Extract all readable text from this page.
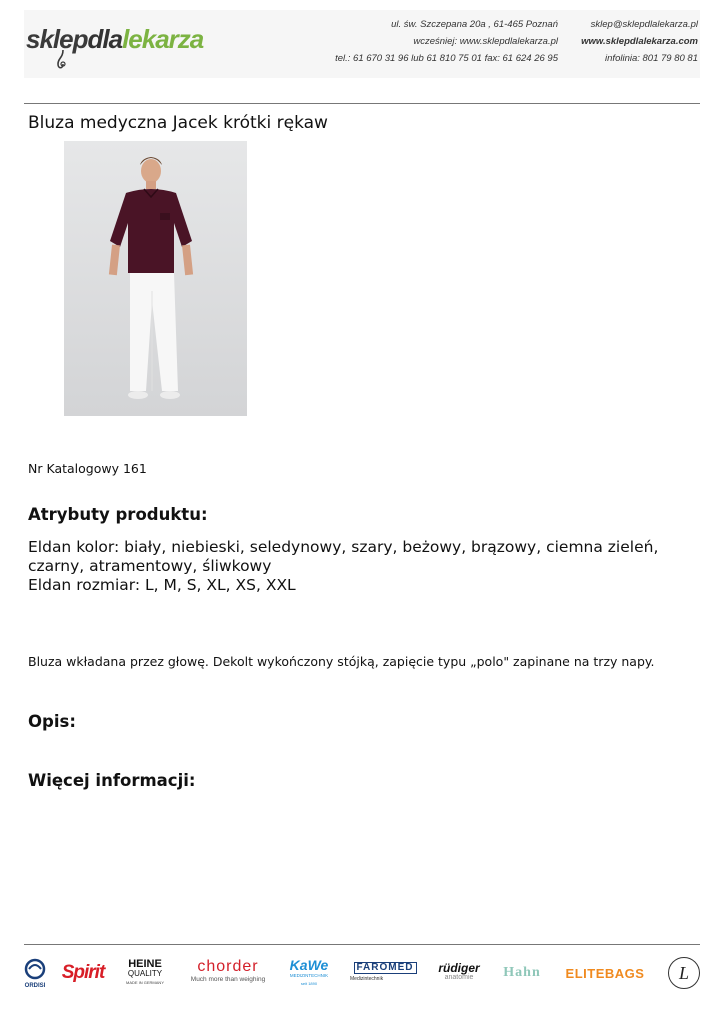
sklepdlalekarza	ul. św. Szczepana 20a , 61-465 Poznań
wcześniej: www.sklepdlalekarza.pl
tel.: 61 670 31 96 lub 61 810 75 01 fax: 61 624 26 95
sklep@sklepdlalekarza.pl
www.sklepdlalekarza.com
infolinia: 801 79 80 81
Bluza medyczna Jacek krótki rękaw
Nr Katalogowy 161
Atrybuty produktu:
Eldan kolor: biały, niebieski, seledynowy, szary, beżowy, brązowy, ciemna zieleń, czarny, atramentowy, śliwkowy
Eldan rozmiar: L, M, S, XL, XS, XXL
Bluza wkładana przez głowę. Dekolt wykończony stójką, zapięcie typu „polo" zapinane na trzy napy.
Opis:
Więcej informacji:
ORDISI
Spirit HEINE
QUALITY
MADE IN GERMANY
chorder
Much more than weighing
KaWe
MEDIZINTECHNIK
seit 1890
FAROMED
Medizintechnik
rüdiger
anatomie Hahn ELITEBAGS L
